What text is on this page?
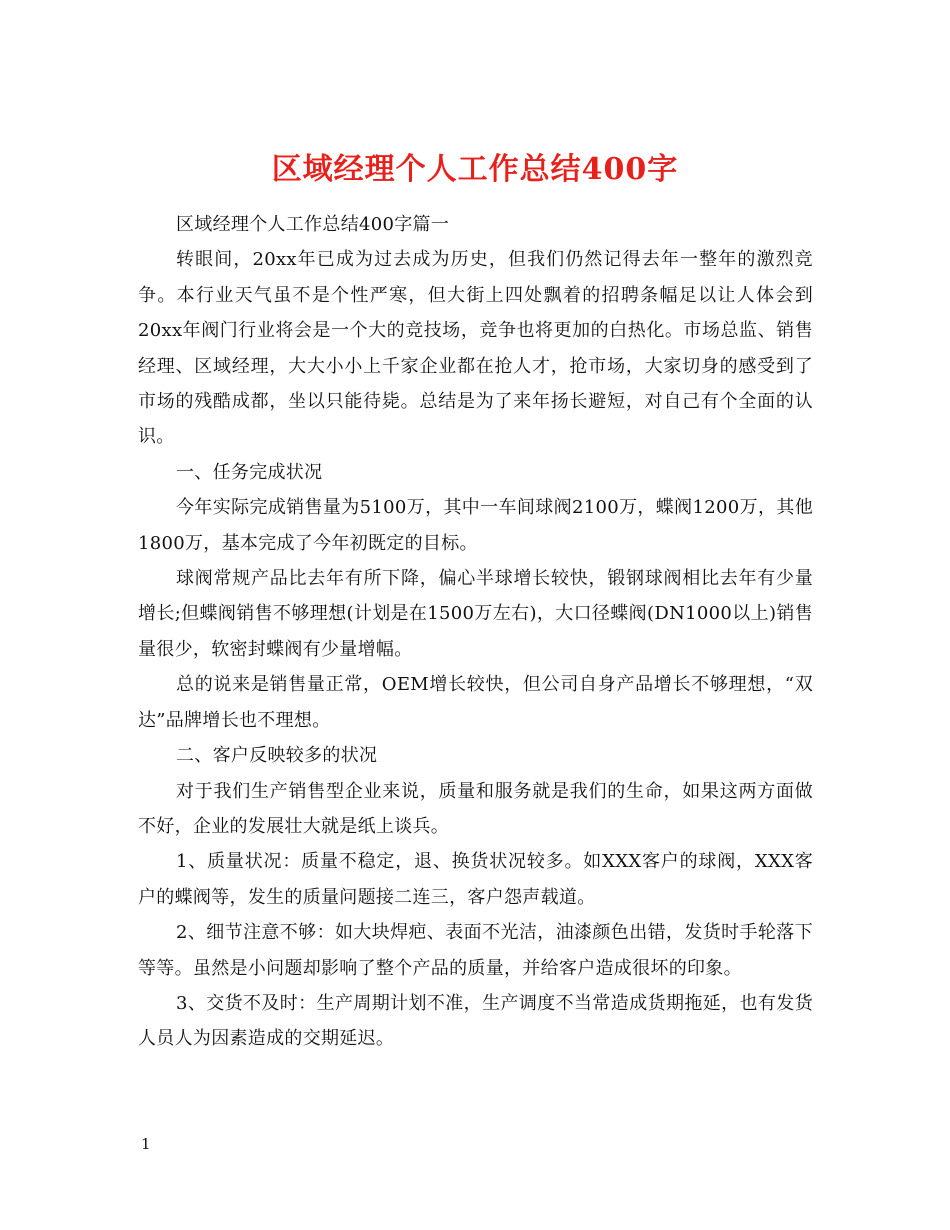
区域经理个人工作总结400字

区域经理个人工作总结400字篇一

转眼间，20xx年已成为过去成为历史，但我们仍然记得去年一整年的激烈竞争。本行业天气虽不是个性严寒，但大街上四处飘着的招聘条幅足以让人体会到20xx年阀门行业将会是一个大的竞技场，竞争也将更加的白热化。市场总监、销售经理、区域经理，大大小小上千家企业都在抢人才，抢市场，大家切身的感受到了市场的残酷成都，坐以只能待毙。总结是为了来年扬长避短，对自己有个全面的认识。

一、任务完成状况

今年实际完成销售量为5100万，其中一车间球阀2100万，蝶阀1200万，其他1800万，基本完成了今年初既定的目标。

球阀常规产品比去年有所下降，偏心半球增长较快，锻钢球阀相比去年有少量增长;但蝶阀销售不够理想(计划是在1500万左右)，大口径蝶阀(DN1000以上)销售量很少，软密封蝶阀有少量增幅。

总的说来是销售量正常，OEM增长较快，但公司自身产品增长不够理想，“双达”品牌增长也不理想。

二、客户反映较多的状况

对于我们生产销售型企业来说，质量和服务就是我们的生命，如果这两方面做不好，企业的发展壮大就是纸上谈兵。

1、质量状况：质量不稳定，退、换货状况较多。如XXX客户的球阀，XXX客户的蝶阀等，发生的质量问题接二连三，客户怨声载道。

2、细节注意不够：如大块焊疤、表面不光洁，油漆颜色出错，发货时手轮落下等等。虽然是小问题却影响了整个产品的质量，并给客户造成很坏的印象。

3、交货不及时：生产周期计划不准，生产调度不当常造成货期拖延，也有发货人员人为因素造成的交期延迟。

1
